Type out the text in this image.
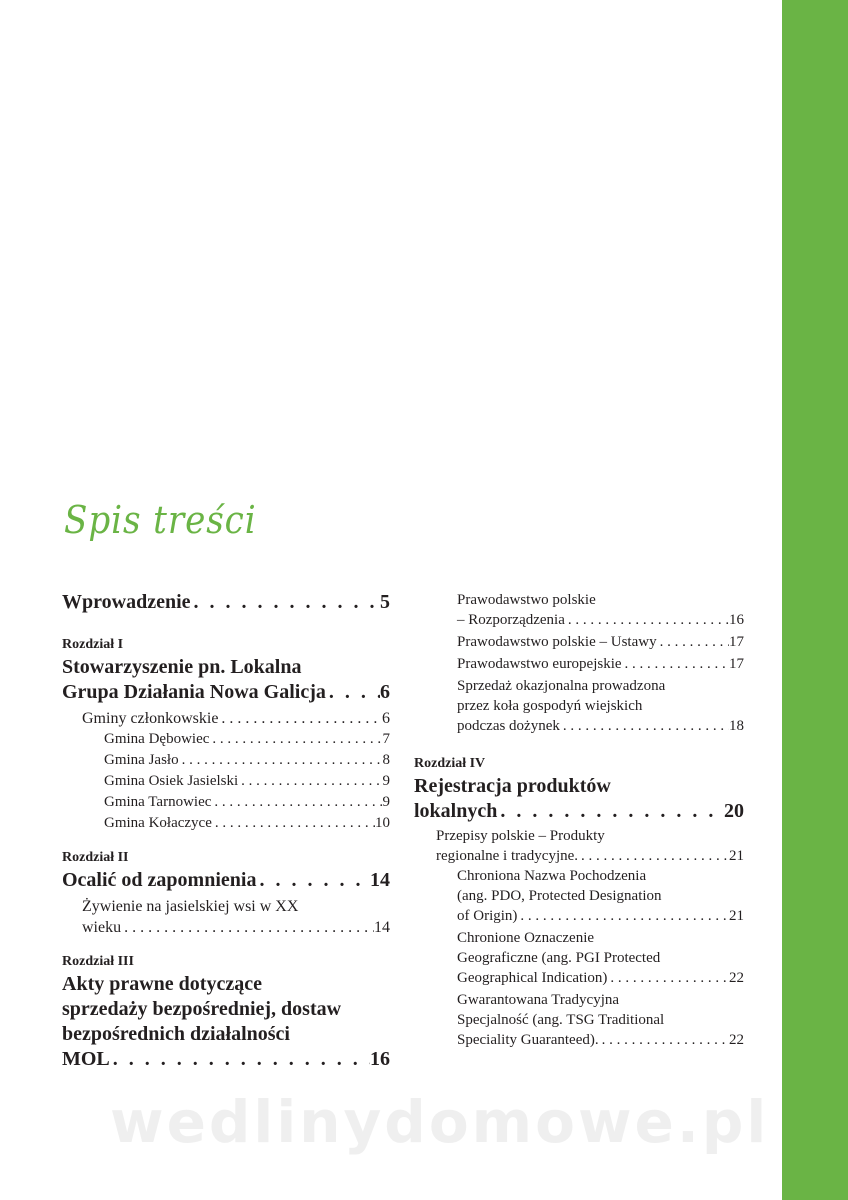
Spis treści
Wprowadzenie . . .	5
Rozdział I
Stowarzyszenie pn. Lokalna
Grupa Działania Nowa Galicja . . .	6
Gminy członkowskie . . .	6
Gmina Dębowiec . . .	7
Gmina Jasło . . .	8
Gmina Osiek Jasielski . . .	9
Gmina Tarnowiec . . .	9
Gmina Kołaczyce . . .	10
Rozdział II
Ocalić od zapomnienia . . .	14
Żywienie na jasielskiej wsi w XX
wieku . . .	14
Rozdział III
Akty prawne dotyczące
sprzedaży bezpośredniej, dostaw
bezpośrednich działalności
MOL . . .	16
Prawodawstwo polskie
– Rozporządzenia . . .	16
Prawodawstwo polskie – Ustawy . . .	17
Prawodawstwo europejskie . . .	17
Sprzedaż okazjonalna prowadzona
przez koła gospodyń wiejskich
podczas dożynek . . .	18
Rozdział IV
Rejestracja produktów
lokalnych . . .	20
Przepisy polskie – Produkty
regionalne i tradycyjne. . . .	21
Chroniona Nazwa Pochodzenia
(ang. PDO, Protected Designation
of Origin) . . .	21
Chronione Oznaczenie
Geograficzne (ang. PGI Protected
Geographical Indication) . . .	22
Gwarantowana Tradycyjna
Specjalność (ang. TSG Traditional
Speciality Guaranteed). . . .	22
wedlinydomowe.pl
